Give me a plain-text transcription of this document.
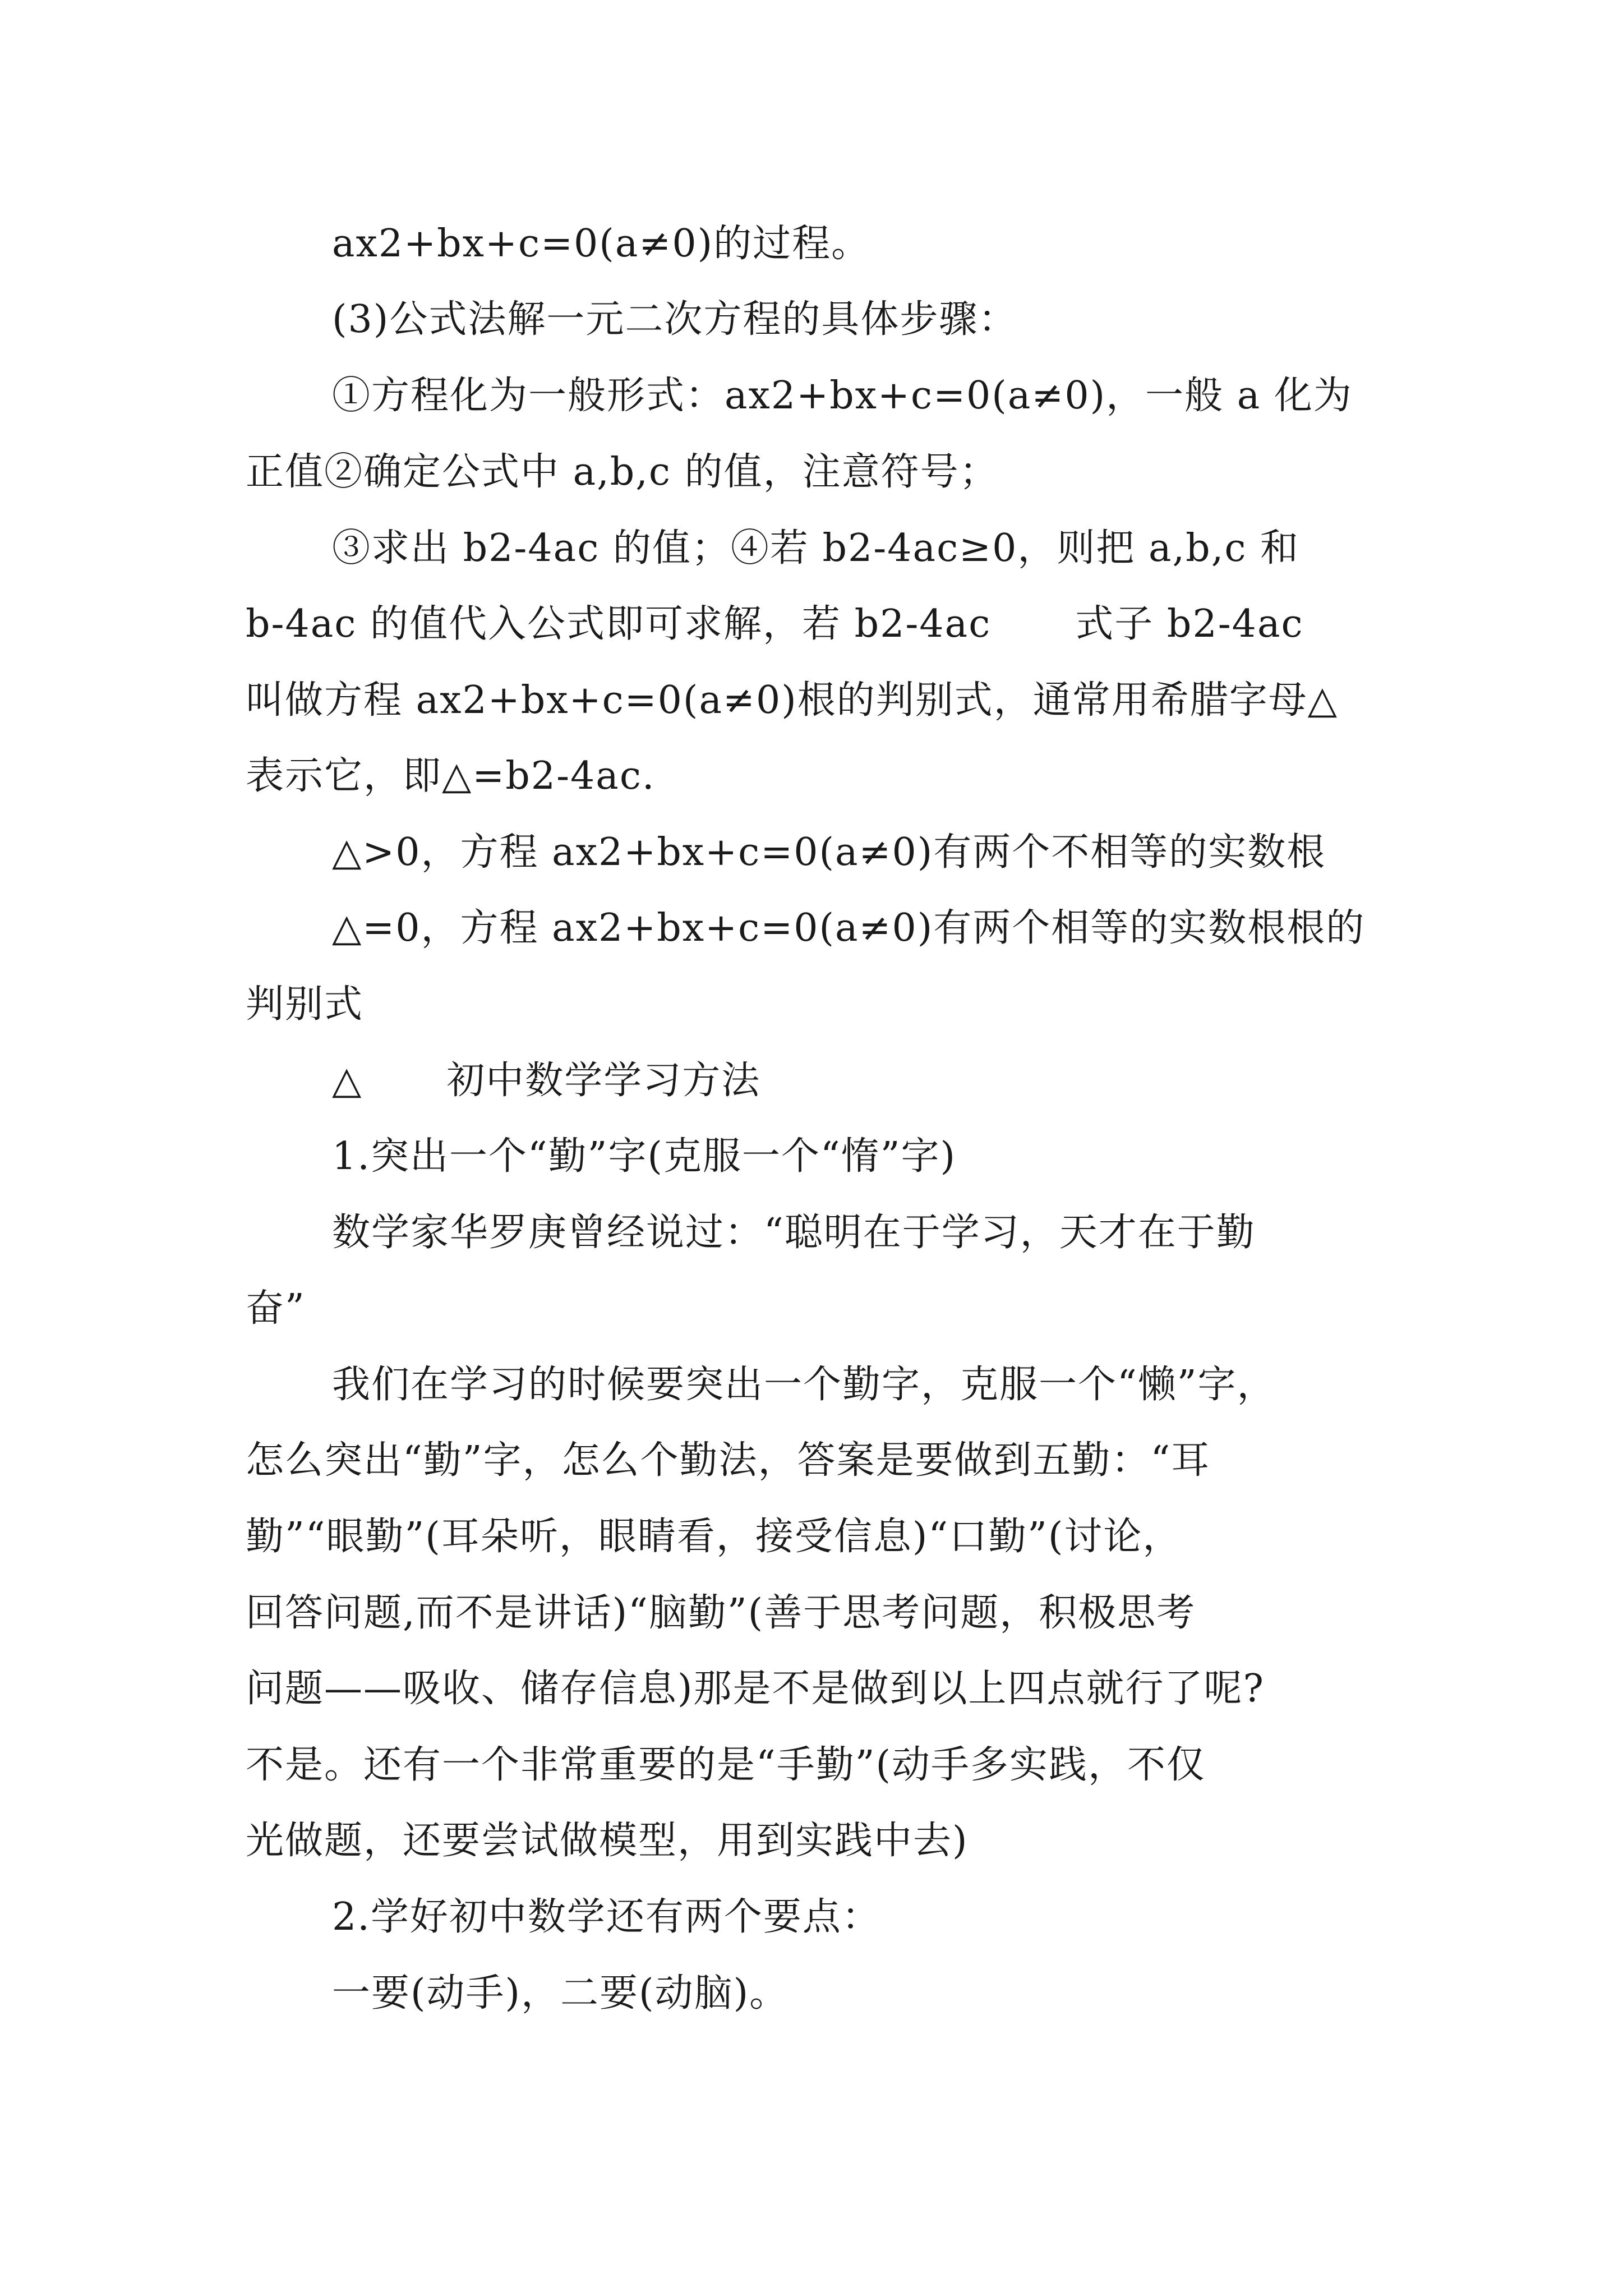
ax2+bx+c=0(a≠0)的过程。
(3)公式法解一元二次方程的具体步骤：
①方程化为一般形式：ax2+bx+c=0(a≠0)，一般 a 化为
正值②确定公式中 a,b,c 的值，注意符号；
③求出 b2-4ac 的值；④若 b2-4ac≥0，则把 a,b,c 和
b-4ac 的值代入公式即可求解，若 b2-4ac 式子 b2-4ac
叫做方程 ax2+bx+c=0(a≠0)根的判别式，通常用希腊字母△
表示它，即△=b2-4ac.
△>0，方程 ax2+bx+c=0(a≠0)有两个不相等的实数根
△=0，方程 ax2+bx+c=0(a≠0)有两个相等的实数根根的
判别式
△ 初中数学学习方法
1.突出一个“勤”字(克服一个“惰”字)
数学家华罗庚曾经说过：“聪明在于学习，天才在于勤
奋”
我们在学习的时候要突出一个勤字，克服一个“懒”字，
怎么突出“勤”字，怎么个勤法，答案是要做到五勤：“耳
勤”“眼勤”(耳朵听，眼睛看，接受信息)“口勤”(讨论，
回答问题,而不是讲话)“脑勤”(善于思考问题，积极思考
问题——吸收、储存信息)那是不是做到以上四点就行了呢?
不是。还有一个非常重要的是“手勤”(动手多实践，不仅
光做题，还要尝试做模型，用到实践中去)
2.学好初中数学还有两个要点：
一要(动手)，二要(动脑)。
